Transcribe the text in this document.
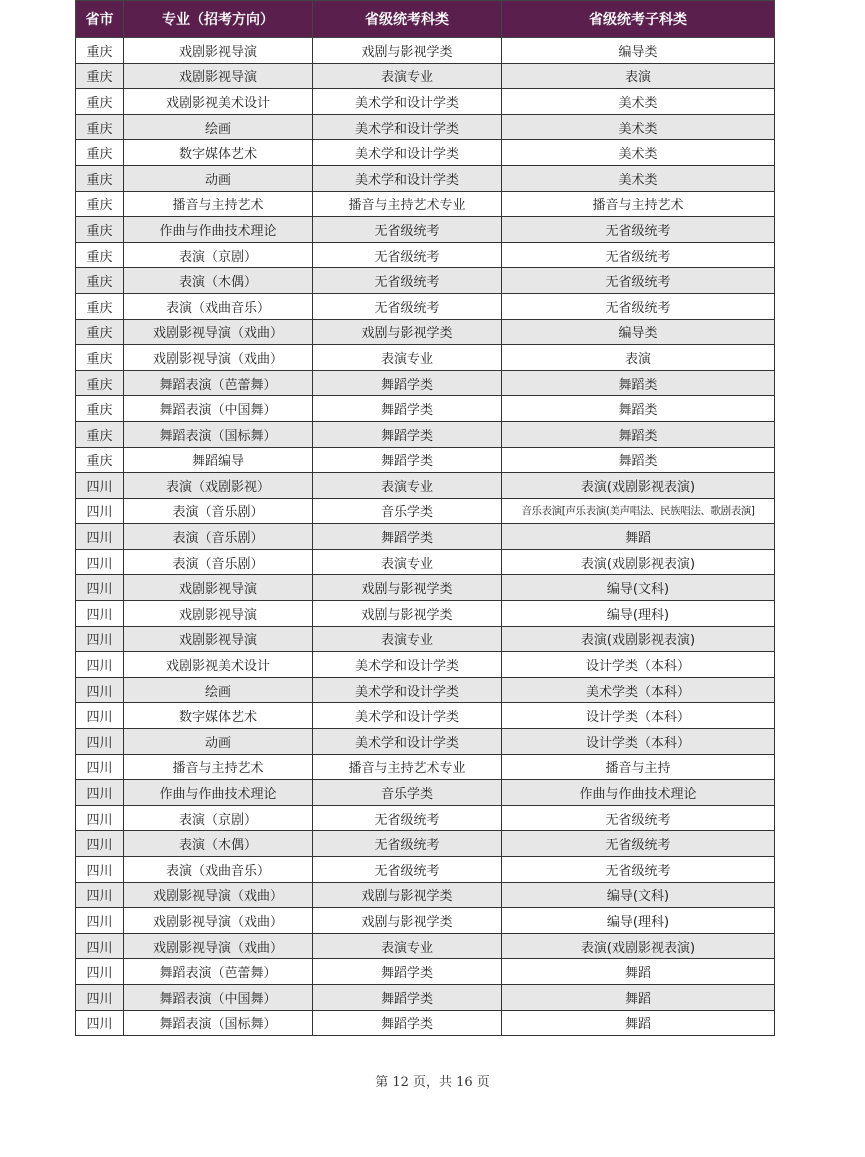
省市	专业（招考方向）	省级统考科类	省级统考子科类
重庆	戏剧影视导演	戏剧与影视学类	编导类
重庆	戏剧影视导演	表演专业	表演
重庆	戏剧影视美术设计	美术学和设计学类	美术类
重庆	绘画	美术学和设计学类	美术类
重庆	数字媒体艺术	美术学和设计学类	美术类
重庆	动画	美术学和设计学类	美术类
重庆	播音与主持艺术	播音与主持艺术专业	播音与主持艺术
重庆	作曲与作曲技术理论	无省级统考	无省级统考
重庆	表演（京剧）	无省级统考	无省级统考
重庆	表演（木偶）	无省级统考	无省级统考
重庆	表演（戏曲音乐）	无省级统考	无省级统考
重庆	戏剧影视导演（戏曲）	戏剧与影视学类	编导类
重庆	戏剧影视导演（戏曲）	表演专业	表演
重庆	舞蹈表演（芭蕾舞）	舞蹈学类	舞蹈类
重庆	舞蹈表演（中国舞）	舞蹈学类	舞蹈类
重庆	舞蹈表演（国标舞）	舞蹈学类	舞蹈类
重庆	舞蹈编导	舞蹈学类	舞蹈类
四川	表演（戏剧影视）	表演专业	表演(戏剧影视表演)
四川	表演（音乐剧）	音乐学类	音乐表演[声乐表演(美声唱法、民族唱法、歌剧表演]
四川	表演（音乐剧）	舞蹈学类	舞蹈
四川	表演（音乐剧）	表演专业	表演(戏剧影视表演)
四川	戏剧影视导演	戏剧与影视学类	编导(文科)
四川	戏剧影视导演	戏剧与影视学类	编导(理科)
四川	戏剧影视导演	表演专业	表演(戏剧影视表演)
四川	戏剧影视美术设计	美术学和设计学类	设计学类（本科）
四川	绘画	美术学和设计学类	美术学类（本科）
四川	数字媒体艺术	美术学和设计学类	设计学类（本科）
四川	动画	美术学和设计学类	设计学类（本科）
四川	播音与主持艺术	播音与主持艺术专业	播音与主持
四川	作曲与作曲技术理论	音乐学类	作曲与作曲技术理论
四川	表演（京剧）	无省级统考	无省级统考
四川	表演（木偶）	无省级统考	无省级统考
四川	表演（戏曲音乐）	无省级统考	无省级统考
四川	戏剧影视导演（戏曲）	戏剧与影视学类	编导(文科)
四川	戏剧影视导演（戏曲）	戏剧与影视学类	编导(理科)
四川	戏剧影视导演（戏曲）	表演专业	表演(戏剧影视表演)
四川	舞蹈表演（芭蕾舞）	舞蹈学类	舞蹈
四川	舞蹈表演（中国舞）	舞蹈学类	舞蹈
四川	舞蹈表演（国标舞）	舞蹈学类	舞蹈
第 12 页，共 16 页
